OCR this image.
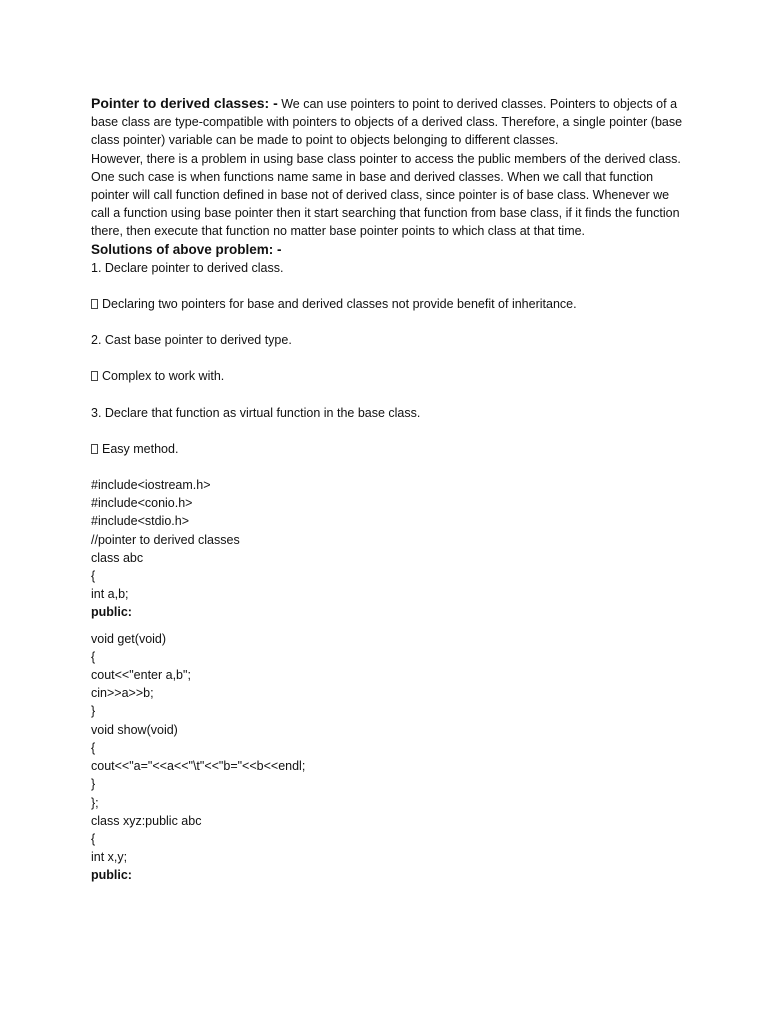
Pointer to derived classes: - We can use pointers to point to derived classes. Pointers to objects of a base class are type-compatible with pointers to objects of a derived class. Therefore, a single pointer (base class pointer) variable can be made to point to objects belonging to different classes.

However, there is a problem in using base class pointer to access the public members of the derived class. One such case is when functions name same in base and derived classes. When we call that function pointer will call function defined in base not of derived class, since pointer is of base class. Whenever we call a function using base pointer then it start searching that function from base class, if it finds the function there, then execute that function no matter base pointer points to which class at that time.

Solutions of above problem: -

1. Declare pointer to derived class.

Declaring two pointers for base and derived classes not provide benefit of inheritance.

2. Cast base pointer to derived type.

Complex to work with.

3. Declare that function as virtual function in the base class.

Easy method.

#include<iostream.h>

#include<conio.h>

#include<stdio.h>

//pointer to derived classes

class abc

{

int a,b;

public:

void get(void)

{

cout<<"enter a,b";

cin>>a>>b;

}

void show(void)

{

cout<<"a="<<a<<"\t"<<"b="<<b<<endl;

}

};

class xyz:public abc

{

int x,y;

public:
